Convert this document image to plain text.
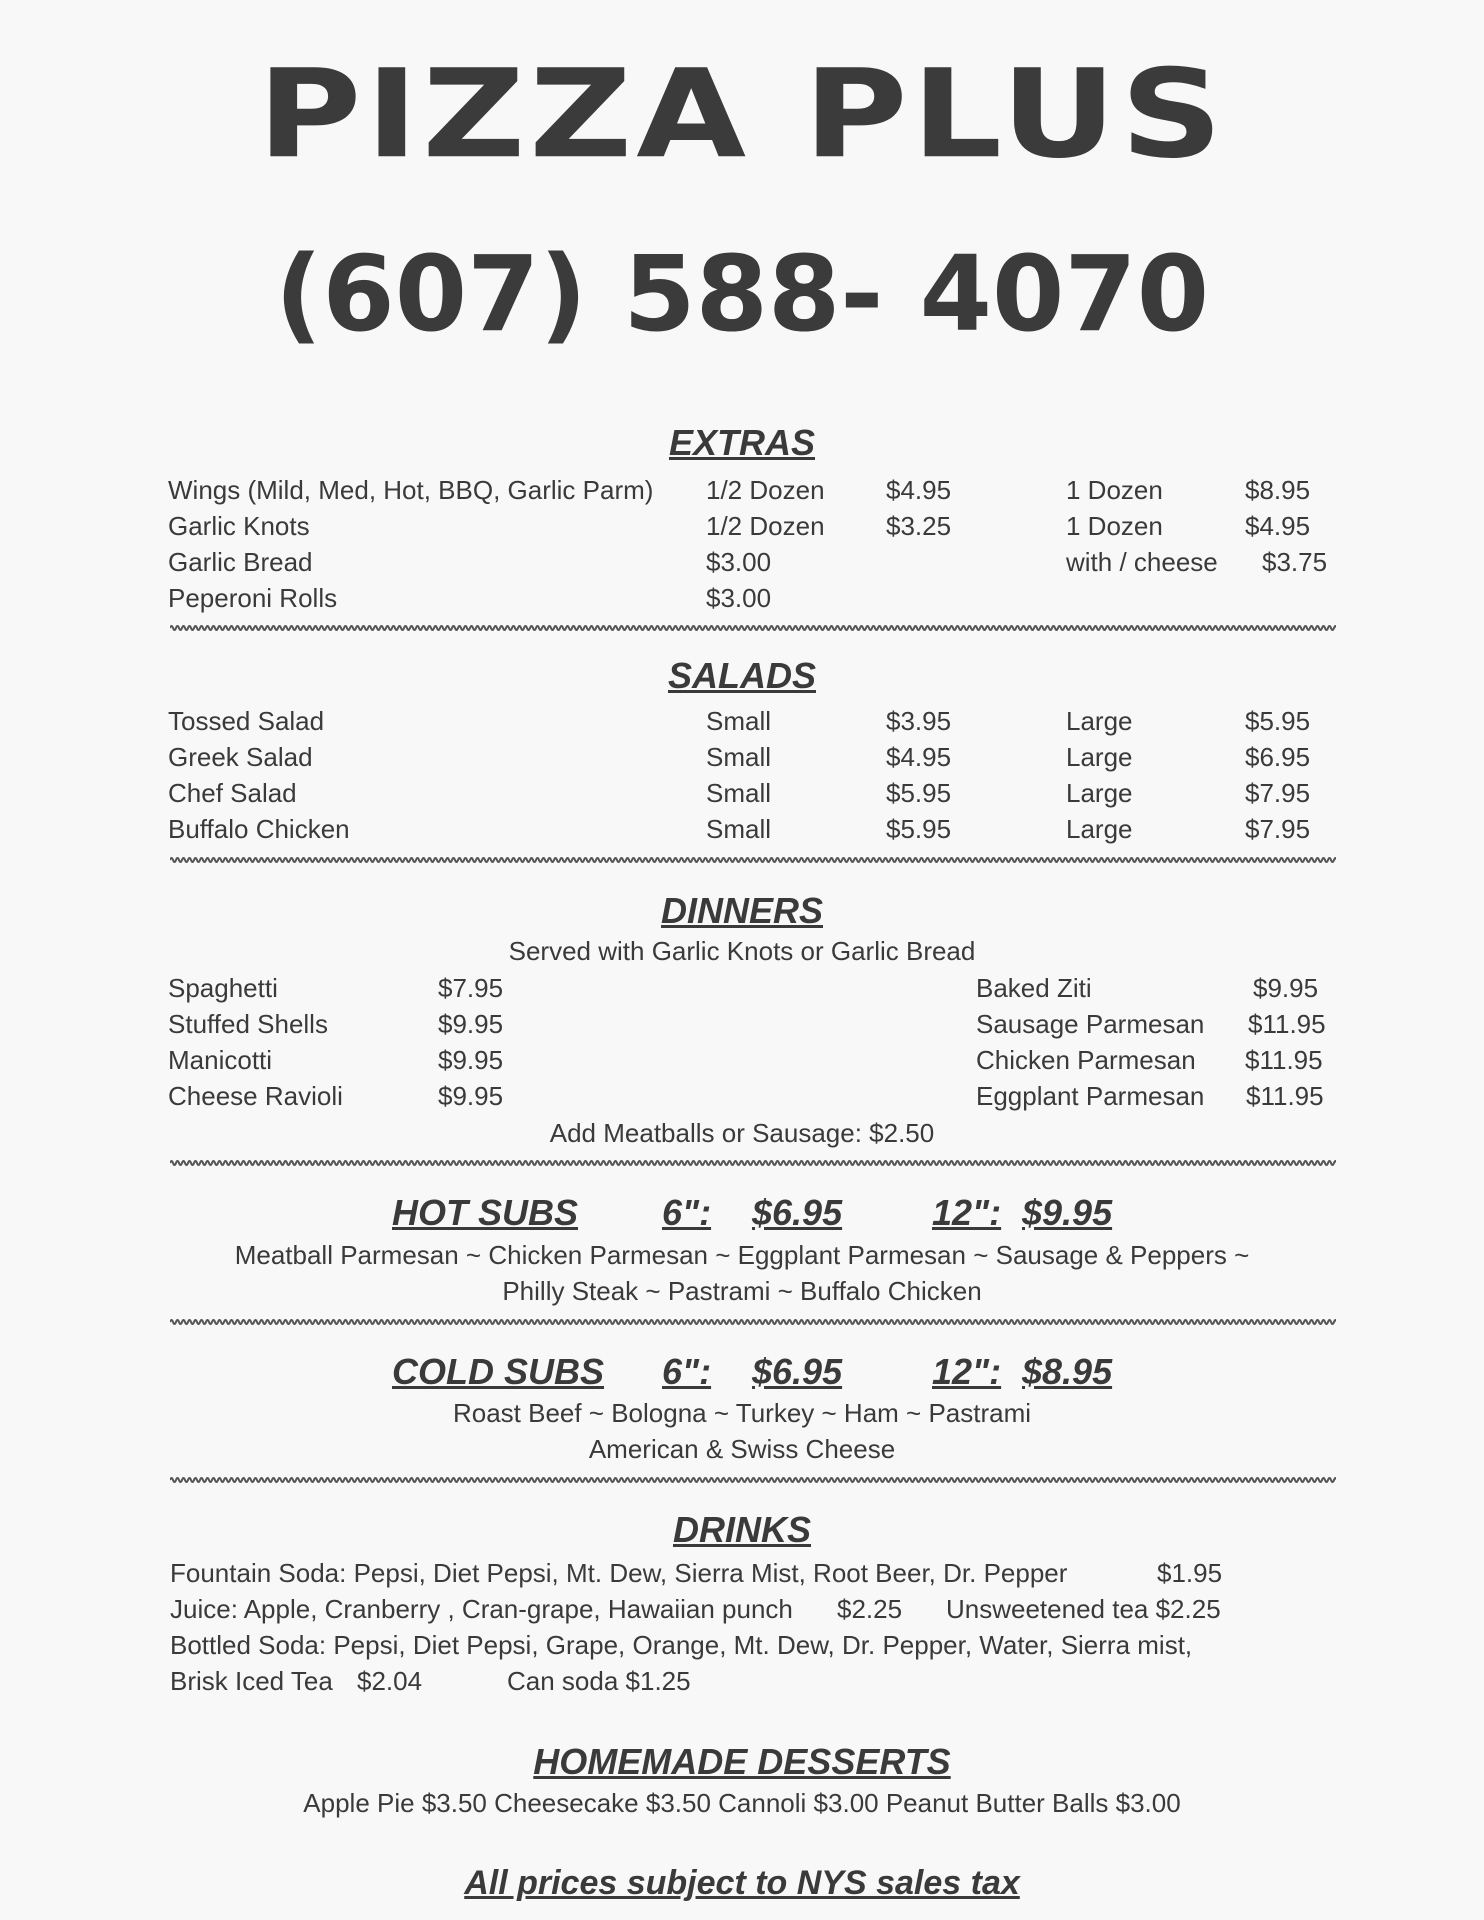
PIZZA PLUS
(607) 588- 4070
EXTRAS
Wings (Mild, Med, Hot, BBQ, Garlic Parm) 1/2 Dozen $4.95	1 Dozen	$8.95
Garlic Knots	1/2 Dozen $3.25	1 Dozen	$4.95
Garlic Bread	$3.00	with / cheese $3.75
Peperoni Rolls	$3.00
SALADS
Tossed Salad	Small	$3.95	Large	$5.95
Greek Salad	Small	$4.95	Large	$6.95
Chef Salad	Small	$5.95	Large	$7.95
Buffalo Chicken	Small	$5.95	Large	$7.95
DINNERS
Served with Garlic Knots or Garlic Bread
Spaghetti	$7.95	Baked Ziti	$9.95
Stuffed Shells	$9.95	Sausage Parmesan $11.95
Manicotti	$9.95	Chicken Parmesan $11.95
Cheese Ravioli	$9.95	Eggplant Parmesan $11.95
Add Meatballs or Sausage: $2.50
HOT SUBS 6": $6.95 12": $9.95
Meatball Parmesan ~ Chicken Parmesan ~ Eggplant Parmesan ~ Sausage & Peppers ~
Philly Steak ~ Pastrami ~ Buffalo Chicken
COLD SUBS 6": $6.95 12": $8.95
Roast Beef ~ Bologna ~ Turkey ~ Ham ~ Pastrami
American & Swiss Cheese
DRINKS
Fountain Soda: Pepsi, Diet Pepsi, Mt. Dew, Sierra Mist, Root Beer, Dr. Pepper	$1.95
Juice: Apple, Cranberry , Cran-grape, Hawaiian punch $2.25 Unsweetened tea $2.25
Bottled Soda: Pepsi, Diet Pepsi, Grape, Orange, Mt. Dew, Dr. Pepper, Water, Sierra mist,
Brisk Iced Tea $2.04	Can soda $1.25
HOMEMADE DESSERTS
Apple Pie $3.50 Cheesecake $3.50 Cannoli $3.00 Peanut Butter Balls $3.00
All prices subject to NYS sales tax
